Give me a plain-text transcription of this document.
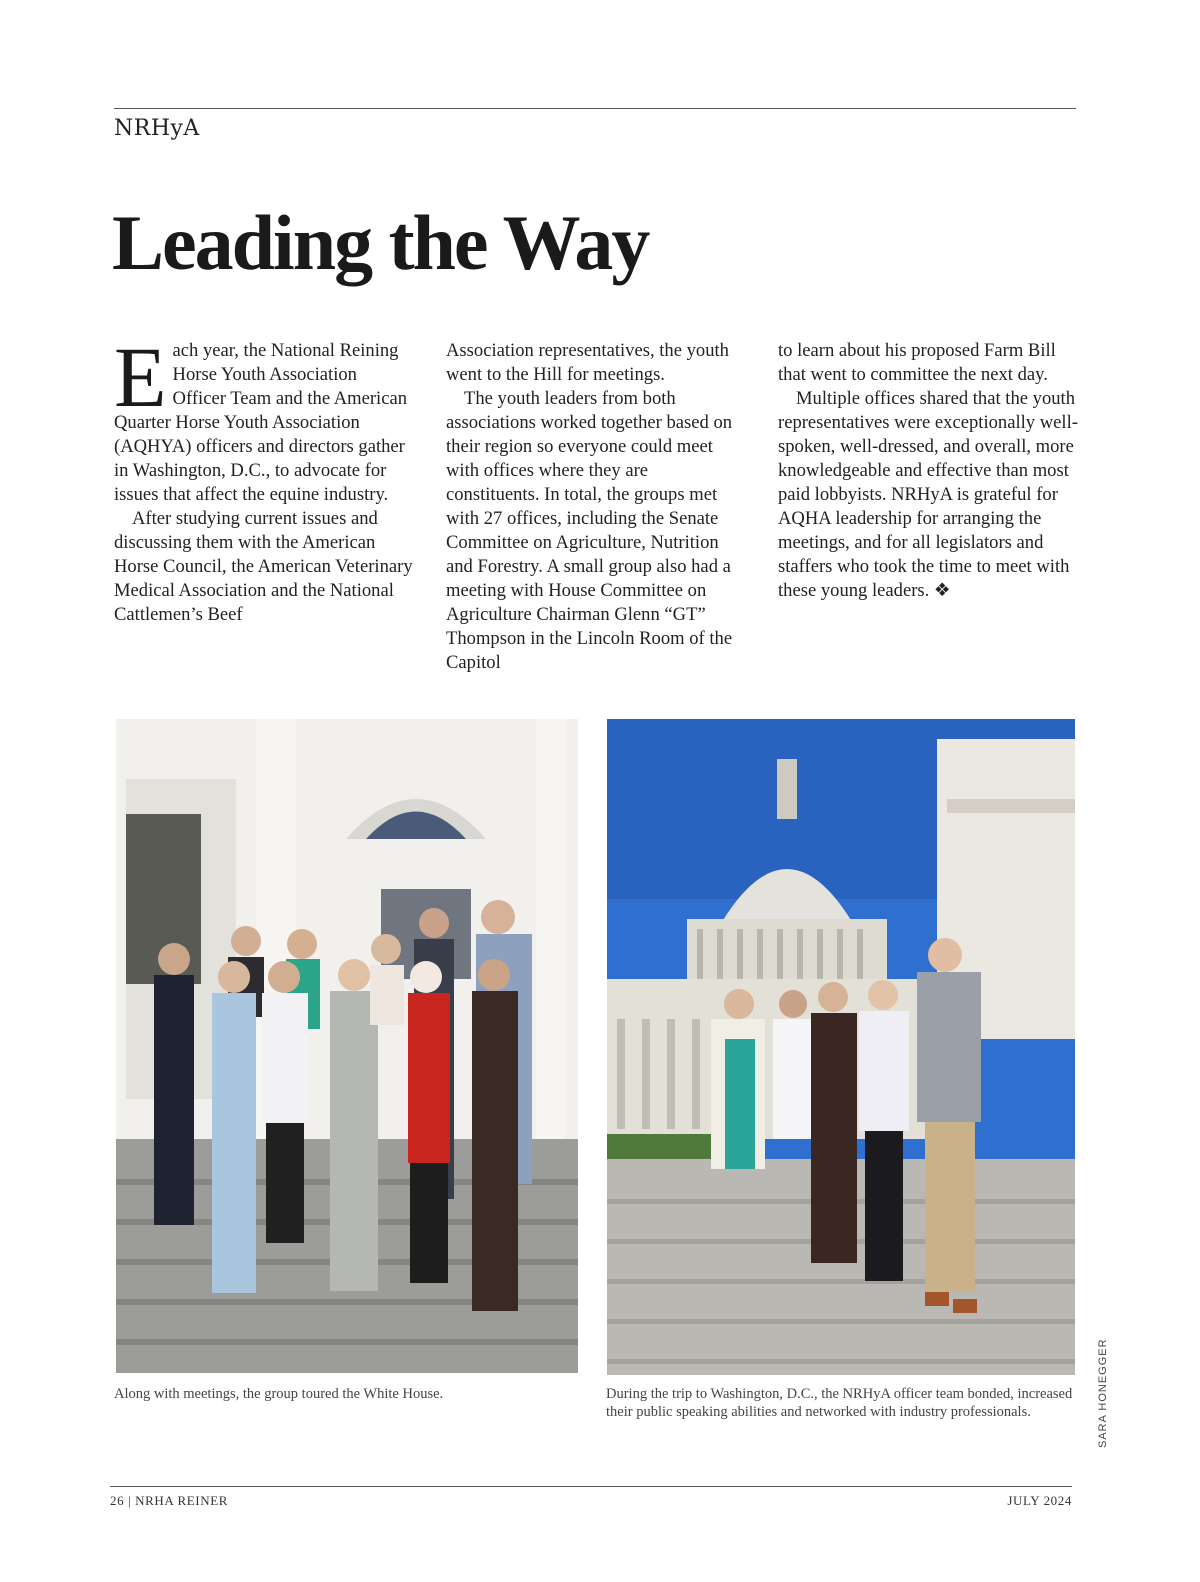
NRHyA
Leading the Way

Each year, the National Reining Horse Youth Association Officer Team and the American Quarter Horse Youth Association (AQHYA) officers and directors gather in Washington, D.C., to advocate for issues that affect the equine industry.

After studying current issues and discussing them with the American Horse Council, the American Veterinary Medical Association and the National Cattlemen’s Beef

Association representatives, the youth went to the Hill for meetings.

The youth leaders from both associations worked together based on their region so everyone could meet with offices where they are constituents. In total, the groups met with 27 offices, including the Senate Committee on Agriculture, Nutrition and Forestry. A small group also had a meeting with House Committee on Agriculture Chairman Glenn “GT” Thompson in the Lincoln Room of the Capitol

to learn about his proposed Farm Bill that went to committee the next day.

Multiple offices shared that the youth representatives were exceptionally well-spoken, well-dressed, and overall, more knowledgeable and effective than most paid lobbyists. NRHyA is grateful for AQHA leadership for arranging the meetings, and for all legislators and staffers who took the time to meet with these young leaders. ❖

Along with meetings, the group toured the White House.	During the trip to Washington, D.C., the NRHyA officer team bonded, increased their public speaking abilities and networked with industry professionals.	SARA HONEGGER
26 | NRHA REINER	JULY 2024
